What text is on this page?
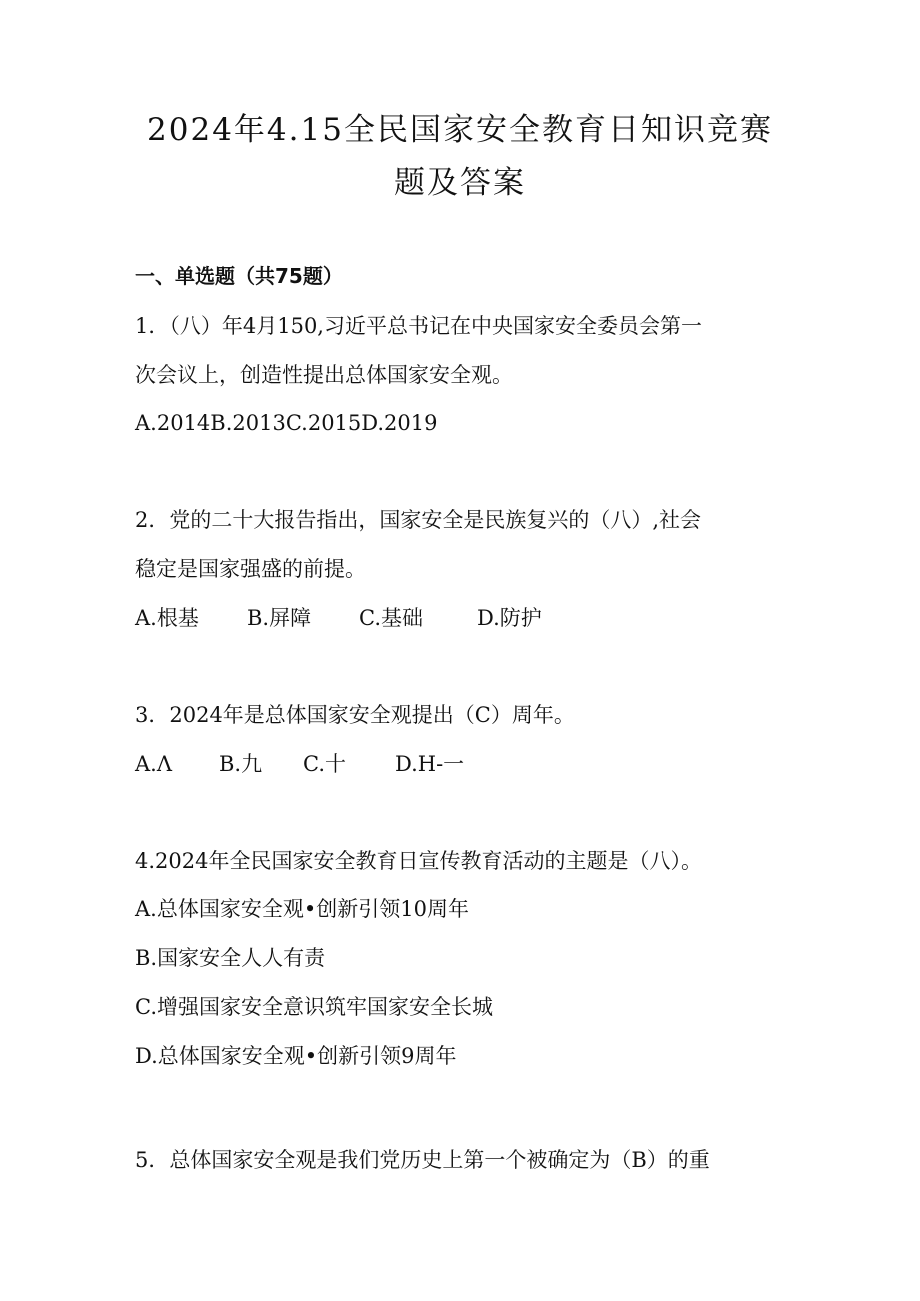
2024年4.15全民国家安全教育日知识竞赛
题及答案
一、单选题（共75题）
1．（八）年4月150,习近平总书记在中央国家安全委员会第一
次会议上，创造性提出总体国家安全观。
A.2014B.2013C.2015D.2019
2．党的二十大报告指出，国家安全是民族复兴的（八）,社会
稳定是国家强盛的前提。
A.根基 B.屏障 C.基础	D.防护
3．2024年是总体国家安全观提出（C）周年。
A.Λ B.九 C.十 D.H-一
4.2024年全民国家安全教育日宣传教育活动的主题是（八）。
A.总体国家安全观•创新引领10周年
B.国家安全人人有责
C.增强国家安全意识筑牢国家安全长城
D.总体国家安全观•创新引领9周年
5．总体国家安全观是我们党历史上第一个被确定为（B）的重
